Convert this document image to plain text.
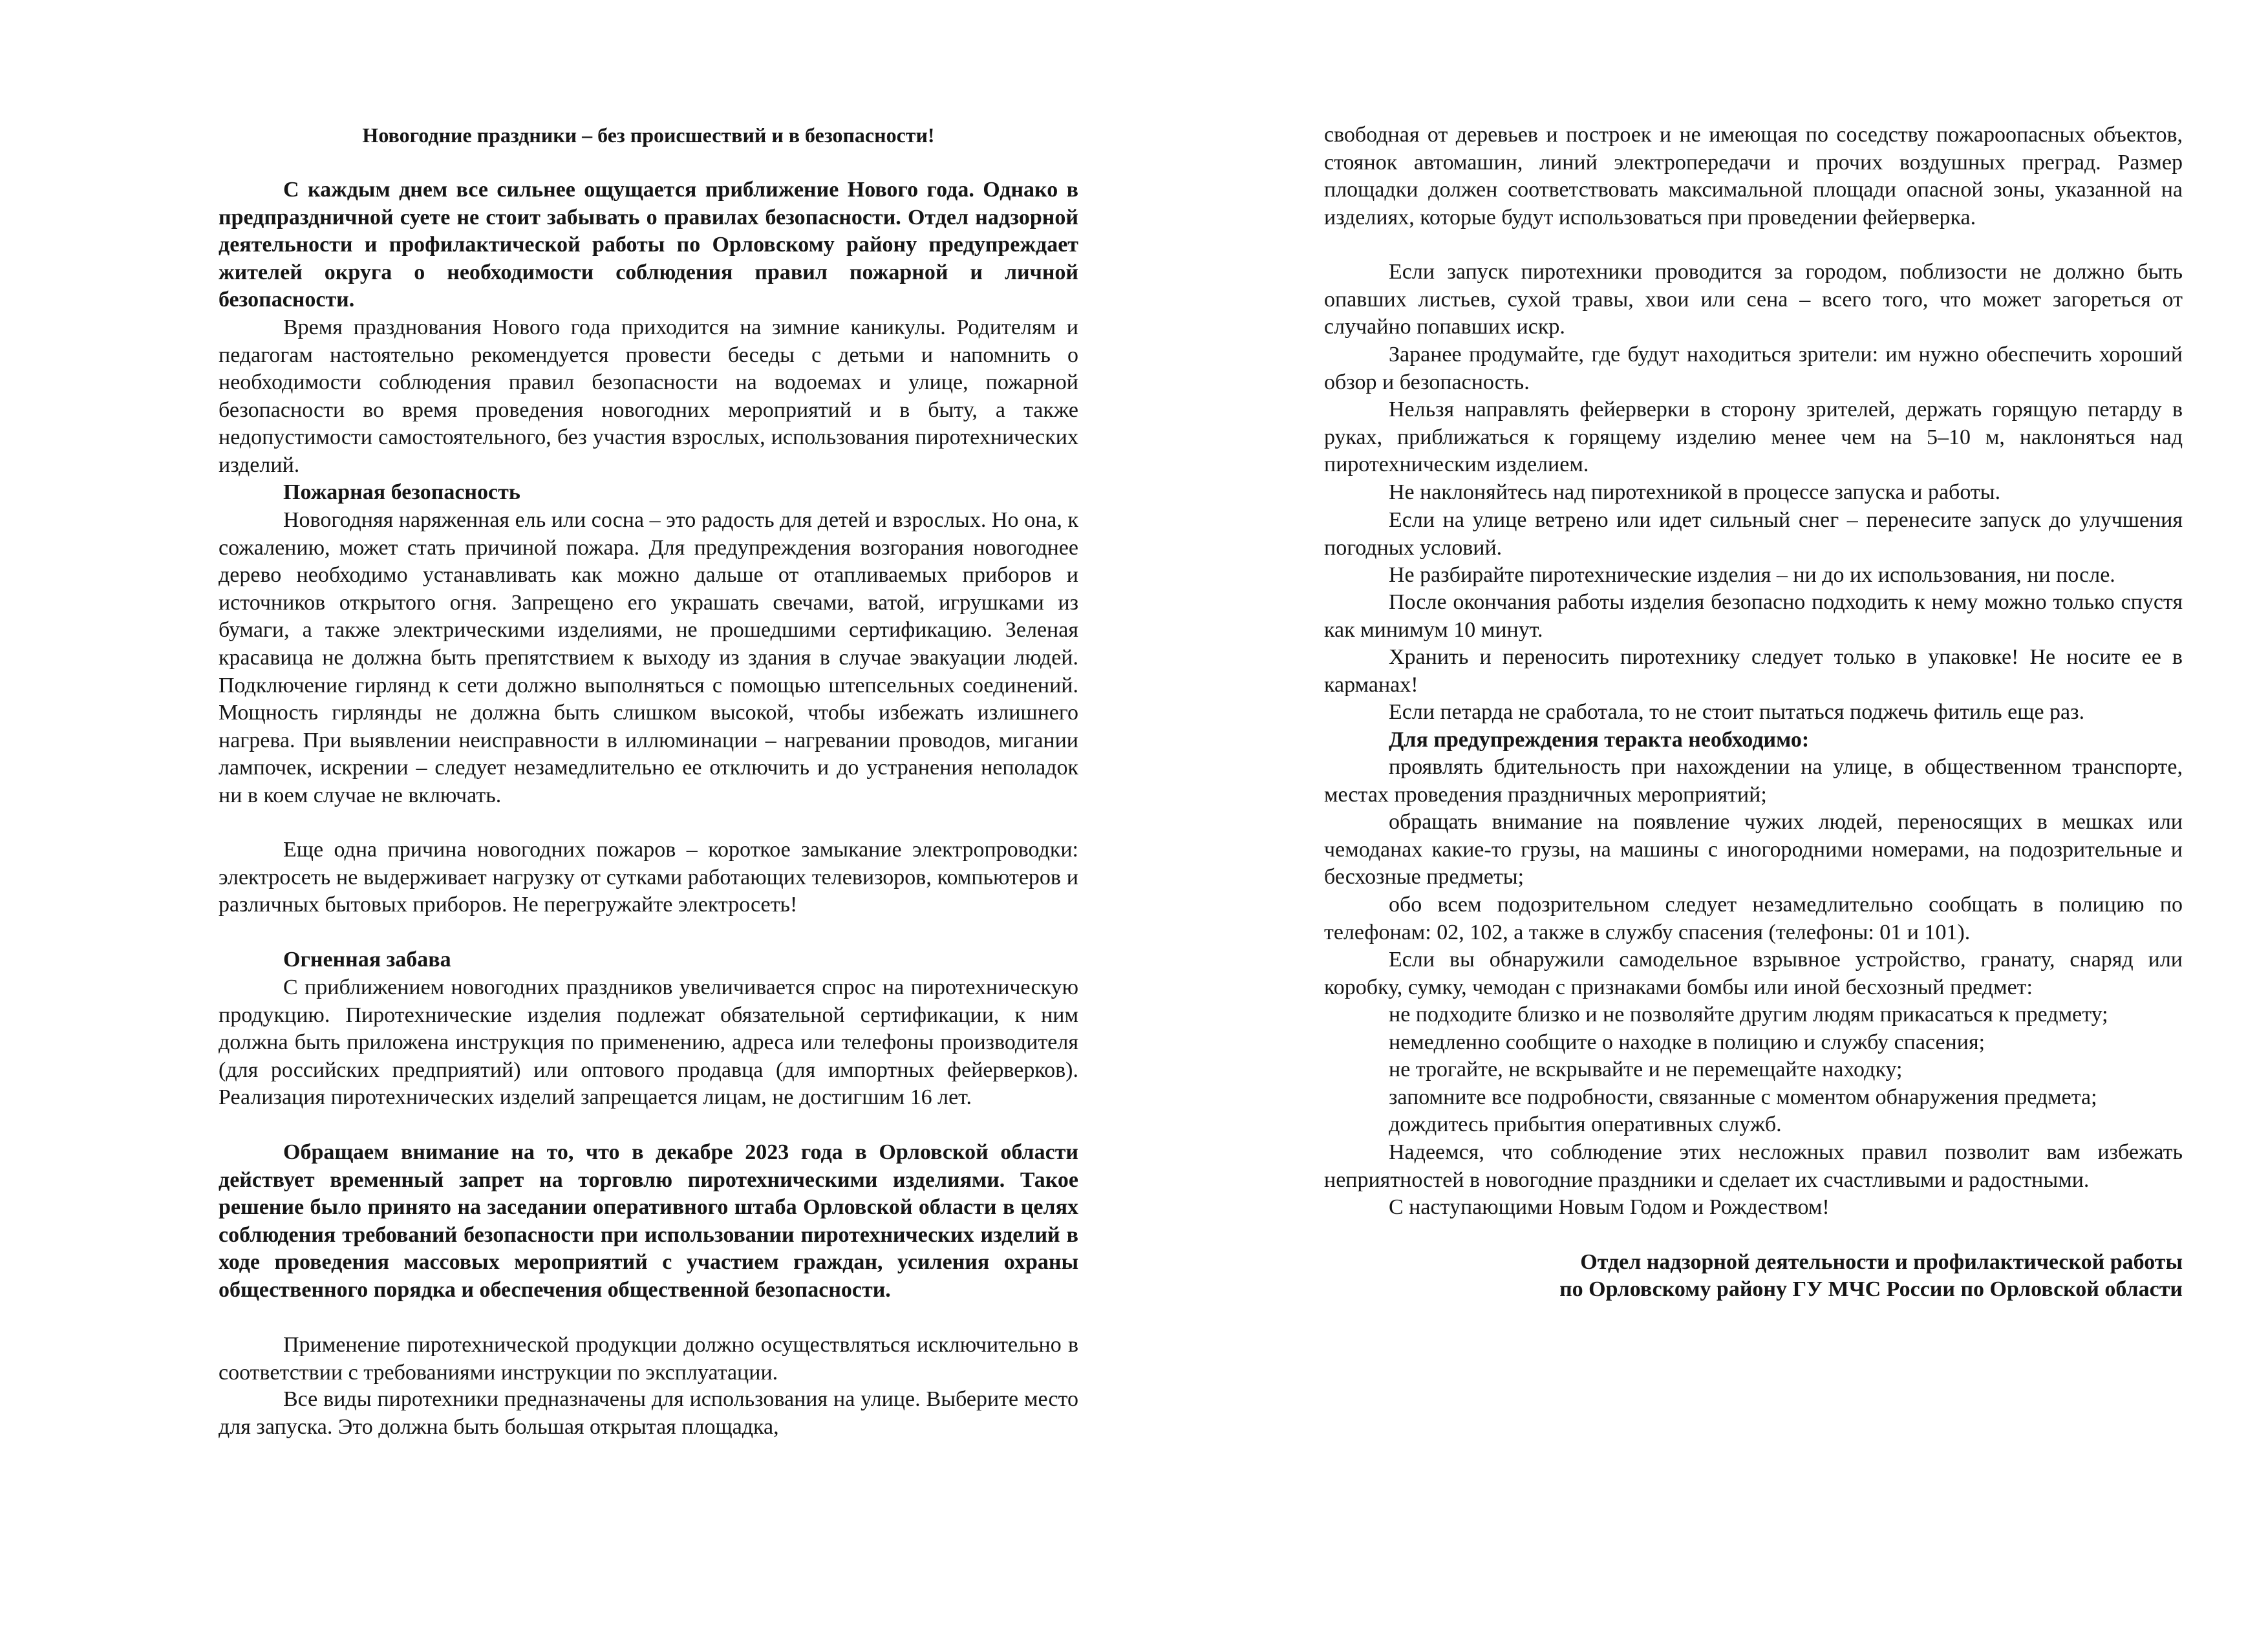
Новогодние праздники – без происшествий и в безопасности!

С каждым днем все сильнее ощущается приближение Нового года. Однако в предпраздничной суете не стоит забывать о правилах безопасности. Отдел надзорной деятельности и профилактической работы по Орловскому району предупреждает жителей округа о необходимости соблюдения правил пожарной и личной безопасности.

Время празднования Нового года приходится на зимние каникулы. Родителям и педагогам настоятельно рекомендуется провести беседы с детьми и напомнить о необходимости соблюдения правил безопасности на водоемах и улице, пожарной безопасности во время проведения новогодних мероприятий и в быту, а также недопустимости самостоятельного, без участия взрослых, использования пиротехнических изделий.

Пожарная безопасность

Новогодняя наряженная ель или сосна – это радость для детей и взрослых. Но она, к сожалению, может стать причиной пожара. Для предупреждения возгорания новогоднее дерево необходимо устанавливать как можно дальше от отапливаемых приборов и источников открытого огня. Запрещено его украшать свечами, ватой, игрушками из бумаги, а также электрическими изделиями, не прошедшими сертификацию. Зеленая красавица не должна быть препятствием к выходу из здания в случае эвакуации людей. Подключение гирлянд к сети должно выполняться с помощью штепсельных соединений. Мощность гирлянды не должна быть слишком высокой, чтобы избежать излишнего нагрева. При выявлении неисправности в иллюминации – нагревании проводов, мигании лампочек, искрении – следует незамедлительно ее отключить и до устранения неполадок ни в коем случае не включать.

Еще одна причина новогодних пожаров – короткое замыкание электропроводки: электросеть не выдерживает нагрузку от сутками работающих телевизоров, компьютеров и различных бытовых приборов. Не перегружайте электросеть!

Огненная забава

С приближением новогодних праздников увеличивается спрос на пиротехническую продукцию. Пиротехнические изделия подлежат обязательной сертификации, к ним должна быть приложена инструкция по применению, адреса или телефоны производителя (для российских предприятий) или оптового продавца (для импортных фейерверков). Реализация пиротехнических изделий запрещается лицам, не достигшим 16 лет.

Обращаем внимание на то, что в декабре 2023 года в Орловской области действует временный запрет на торговлю пиротехническими изделиями. Такое решение было принято на заседании оперативного штаба Орловской области в целях соблюдения требований безопасности при использовании пиротехнических изделий в ходе проведения массовых мероприятий с участием граждан, усиления охраны общественного порядка и обеспечения общественной безопасности.

Применение пиротехнической продукции должно осуществляться исключительно в соответствии с требованиями инструкции по эксплуатации.

Все виды пиротехники предназначены для использования на улице. Выберите место для запуска. Это должна быть большая открытая площадка,

свободная от деревьев и построек и не имеющая по соседству пожароопасных объектов, стоянок автомашин, линий электропередачи и прочих воздушных преград. Размер площадки должен соответствовать максимальной площади опасной зоны, указанной на изделиях, которые будут использоваться при проведении фейерверка.

Если запуск пиротехники проводится за городом, поблизости не должно быть опавших листьев, сухой травы, хвои или сена – всего того, что может загореться от случайно попавших искр.

Заранее продумайте, где будут находиться зрители: им нужно обеспечить хороший обзор и безопасность.

Нельзя направлять фейерверки в сторону зрителей, держать горящую петарду в руках, приближаться к горящему изделию менее чем на 5–10 м, наклоняться над пиротехническим изделием.

Не наклоняйтесь над пиротехникой в процессе запуска и работы.

Если на улице ветрено или идет сильный снег – перенесите запуск до улучшения погодных условий.

Не разбирайте пиротехнические изделия – ни до их использования, ни после.

После окончания работы изделия безопасно подходить к нему можно только спустя как минимум 10 минут.

Хранить и переносить пиротехнику следует только в упаковке! Не носите ее в карманах!

Если петарда не сработала, то не стоит пытаться поджечь фитиль еще раз.

Для предупреждения теракта необходимо:

проявлять бдительность при нахождении на улице, в общественном транспорте, местах проведения праздничных мероприятий;

обращать внимание на появление чужих людей, переносящих в мешках или чемоданах какие-то грузы, на машины с иногородними номерами, на подозрительные и бесхозные предметы;

обо всем подозрительном следует незамедлительно сообщать в полицию по телефонам: 02, 102, а также в службу спасения (телефоны: 01 и 101).

Если вы обнаружили самодельное взрывное устройство, гранату, снаряд или коробку, сумку, чемодан с признаками бомбы или иной бесхозный предмет:

не подходите близко и не позволяйте другим людям прикасаться к предмету;

немедленно сообщите о находке в полицию и службу спасения;

не трогайте, не вскрывайте и не перемещайте находку;

запомните все подробности, связанные с моментом обнаружения предмета;

дождитесь прибытия оперативных служб.

Надеемся, что соблюдение этих несложных правил позволит вам избежать неприятностей в новогодние праздники и сделает их счастливыми и радостными.

С наступающими Новым Годом и Рождеством!

Отдел надзорной деятельности и профилактической работы

по Орловскому району ГУ МЧС России по Орловской области
